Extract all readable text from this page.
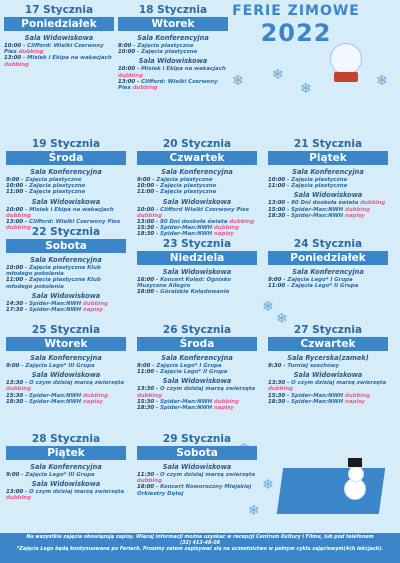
FERIE ZIMOWE
2022
❄ ❄
❄	❄
❄
❄
❄
❄
17 Stycznia
Poniedziałek
Sala Widowiskowa
10:00 - Clifford: Wielki Czerwony Pies dubbing
13:00 - Misiek i Ekipa na wakacjach dubbing
18 Stycznia
Wtorek
Sala Konferencyjna
8:00 - Zajęcia plastyczne
10:00 - Zajęcia plastyczne
Sala Widowiskowa
10:00 - Misiek i Ekipa na wakacjach dubbing
13:00 - Clifford: Wielki Czerwony Pies dubbing
19 Stycznia
Środa
Sala Konferencyjna
9:00 - Zajęcia plastyczne
10:00 - Zajęcia plastyczne
11:00 - Zajęcia plastyczne
Sala Widowiskowa
10:00 - Misiek i Ekipa na wakacjach dubbing
13:00 - Clifford: Wielki Czerwony Pies dubbing
20 Stycznia
Czwartek
Sala Konferencyjna
9:00 - Zajęcia plastyczne
10:00 - Zajęcia plastyczne
11:00 - Zajęcia plastyczne
Sala Widowiskowa
10:00 - Clifford Wielki Czerwony Pies dubbing
13:00 - 80 Dni dookoła świata dubbing
15:30 - Spider-Man:NWH dubbing
18:30 - Spider-Man:NWH napisy
21 Stycznia
Piątek
Sala Konferencyjna
10:00 - Zajęcia plastyczne
11:00 - Zajęcia plastyczne
Sala Widowiskowa
13:00 - 80 Dni dookoła świata dubbing
15:00 - Spider-Man:NWH dubbing
18:30 - Spider-Man:NWH napisy
22 Stycznia
Sobota
Sala Konferencyjna
10:00 - Zajęcia plastyczne Klub młodego pokolenia
11:00 - Zajęcia plastyczne Klub młodego pokolenia
Sala Widowiskowa
14:30 - Spider-Man:NWH dubbing
17:30 - Spider-Man:NWH napisy
23 Stycznia
Niedziela
Sala Widowiskowa
16:00 - Koncert Kolęd: Ognisko Muzyczne Allegro
18:00 - Góralskie Kolędowanie
24 Stycznia
Poniedziałek
Sala Konferencyjna
9:00 - Zajęcia Lego* I Grupa
11:00 - Zajęcia Lego* II Grupa
25 Stycznia
Wtorek
Sala Konferencyjna
9:00 - Zajęcia Lego* III Grupa
Sala Widowiskowa
13:30 - O czym dzisiaj marzą zwierzęta dubbing
15:30 - Spider-Man:NWH dubbing
18:30 - Spider-Man:NWH napisy
26 Stycznia
Środa
Sala Konferencyjna
9:00 - Zajęcia Lego* I Grupa
11:00 - Zajęcia Lego* II Grupa
Sala Widowiskowa
13:30 - O czym dzisiaj marzą zwierzęta dubbing
15:30 - Spider-Man:NWH dubbing
18:30 - Spider-Man:NWH napisy
27 Stycznia
Czwartek
Sala Rycerska(zamek)
9:30 - Turniej szachowy
Sala Widowiskowa
13:30 - O czym dzisiaj marzą zwierzęta dubbing
15:30 - Spider-Man:NWH dubbing
18:30 - Spider-Man:NWH napisy
28 Stycznia
Piątek
Sala Konferencyjna
9:00 - Zajęcia Lego* III Grupa
Sala Widowiskowa
13:00 - O czym dzisiaj marzą zwierzęta dubbing
29 Stycznia
Sobota
Sala Widowiskowa
11:30 - O czym dzisiaj marzą zwierzęta dubbing
18:00 - Koncert Noworoczny Miejskiej Orkiestry Dętej
Na wszystkie zajęcia obowiązują zapisy. Więcej informacji można uzyskać w recepcji Centrum Kultury i Filmu, lub pod telefonem
(32) 413-48-08
*Zajęcia Lego będą kontynuowane po Feriach. Prosimy zatem zapisywać się na uczestnictwo w pełnym cyklu zajęciowym(4ch lekcjach).
